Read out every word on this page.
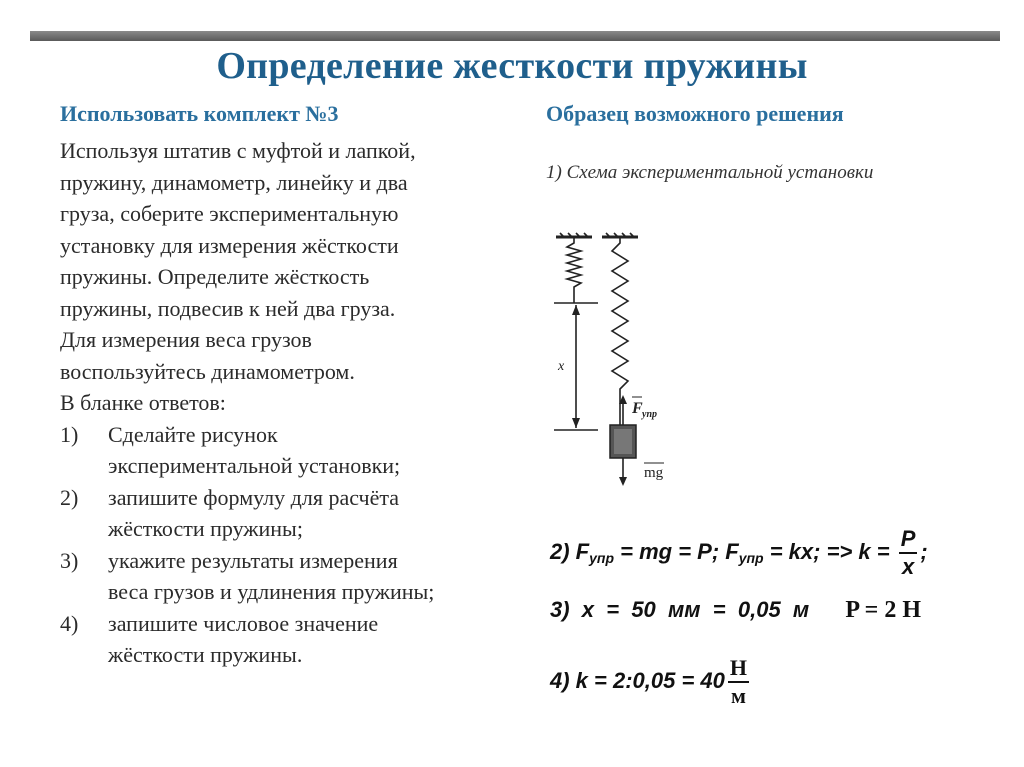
Определение жесткости пружины
Использовать комплект №3	Образец возможного решения

Используя штатив с муфтой и лапкой,

пружину, динамометр, линейку и два

груза, соберите экспериментальную

установку для измерения жёсткости

пружины. Определите жёсткость

пружины, подвесив к ней два груза.

Для измерения веса грузов

воспользуйтесь динамометром.

В бланке ответов:

1) Сделайте рисунок
экспериментальной установки;
2) запишите формулу для расчёта
жёсткости пружины;
3) укажите результаты измерения
веса грузов и удлинения пружины;
4) запишите числовое значение
жёсткости пружины.
1) Схема экспериментальной установки
x
F упр
mg
2) $F_{упр}$ = mg = P; $F_{упр}$ = kx; => $k = \frac{P}{x}$ ;
3)  x  =  50  мм  =  0,05  м P = 2 Н
4) k = 2:0,05 = $40 \frac{Н}{м}$
